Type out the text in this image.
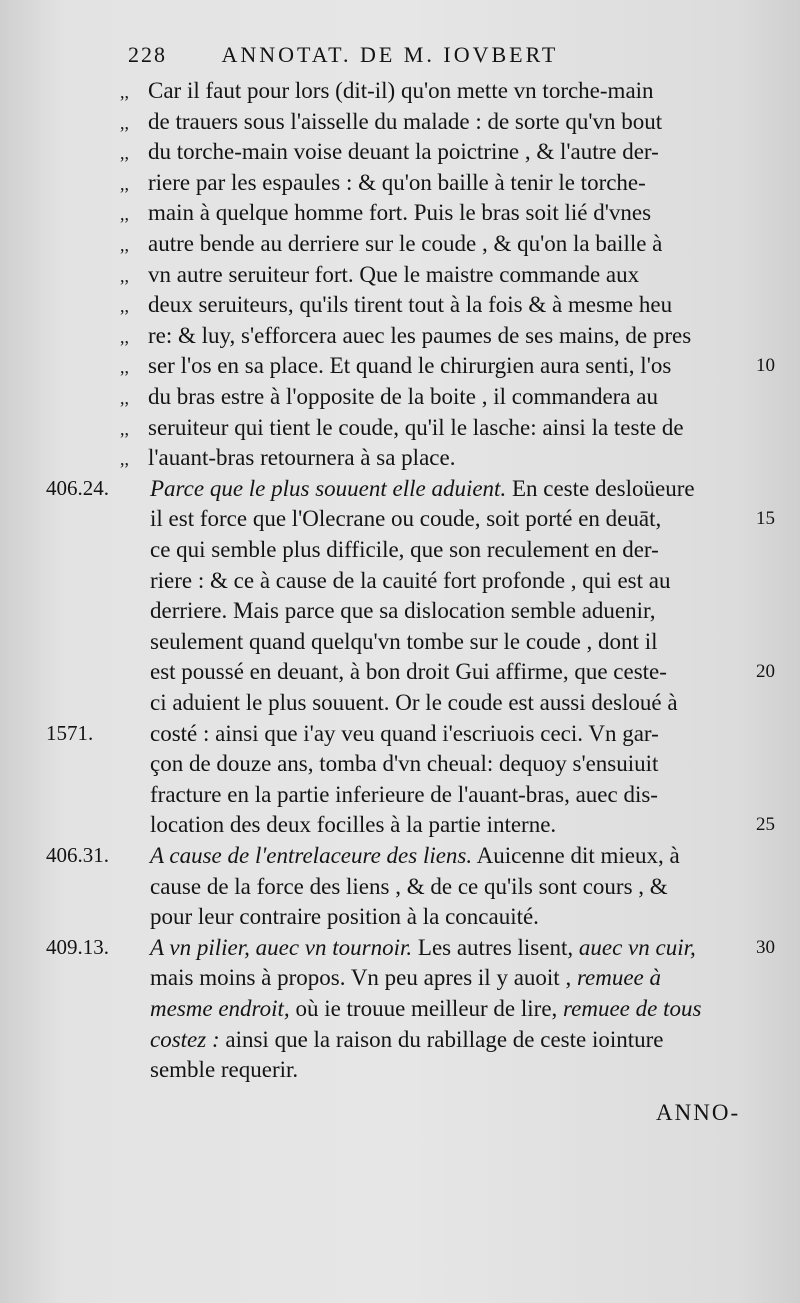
228 ANNOTAT. DE M. IOVBERT
,, Car il faut pour lors (dit-il) qu'on mette vn torche-main
,, de trauers sous l'aisselle du malade : de sorte qu'vn bout
,, du torche-main voise deuant la poictrine , & l'autre der-
,, riere par les espaules : & qu'on baille à tenir le torche-
,, main à quelque homme fort. Puis le bras soit lié d'vnes
,, autre bende au derriere sur le coude , & qu'on la baille à
,, vn autre seruiteur fort. Que le maistre commande aux
,, deux seruiteurs, qu'ils tirent tout à la fois & à mesme heu
,, re: & luy, s'efforcera auec les paumes de ses mains, de pres
,, ser l'os en sa place. Et quand le chirurgien aura senti, l'os
,, du bras estre à l'opposite de la boite , il commandera au
,, seruiteur qui tient le coude, qu'il le lasche: ainsi la teste de
,, l'auant-bras retournera à sa place.
Parce que le plus souuent elle aduient. En ceste desloüeure
il est force que l'Olecrane ou coude, soit porté en deuāt,
ce qui semble plus difficile, que son reculement en der-
riere : & ce à cause de la cauité fort profonde , qui est au
derriere. Mais parce que sa dislocation semble aduenir,
seulement quand quelqu'vn tombe sur le coude , dont il
est poussé en deuant, à bon droit Gui affirme, que ceste-
ci aduient le plus souuent. Or le coude est aussi desloué à
costé : ainsi que i'ay veu quand i'escriuois ceci. Vn gar-
çon de douze ans, tomba d'vn cheual: dequoy s'ensuiuit
fracture en la partie inferieure de l'auant-bras, auec dis-
location des deux focilles à la partie interne.
A cause de l'entrelaceure des liens. Auicenne dit mieux, à
cause de la force des liens , & de ce qu'ils sont cours , &
pour leur contraire position à la concauité.
A vn pilier, auec vn tournoir. Les autres lisent, auec vn cuir,
mais moins à propos. Vn peu apres il y auoit , remuee à
mesme endroit, où ie trouue meilleur de lire, remuee de tous
costez : ainsi que la raison du rabillage de ceste iointure
semble requerir.
406.24.
1571.
406.31.
409.13.
10
15
20
25
30
ANNO-
